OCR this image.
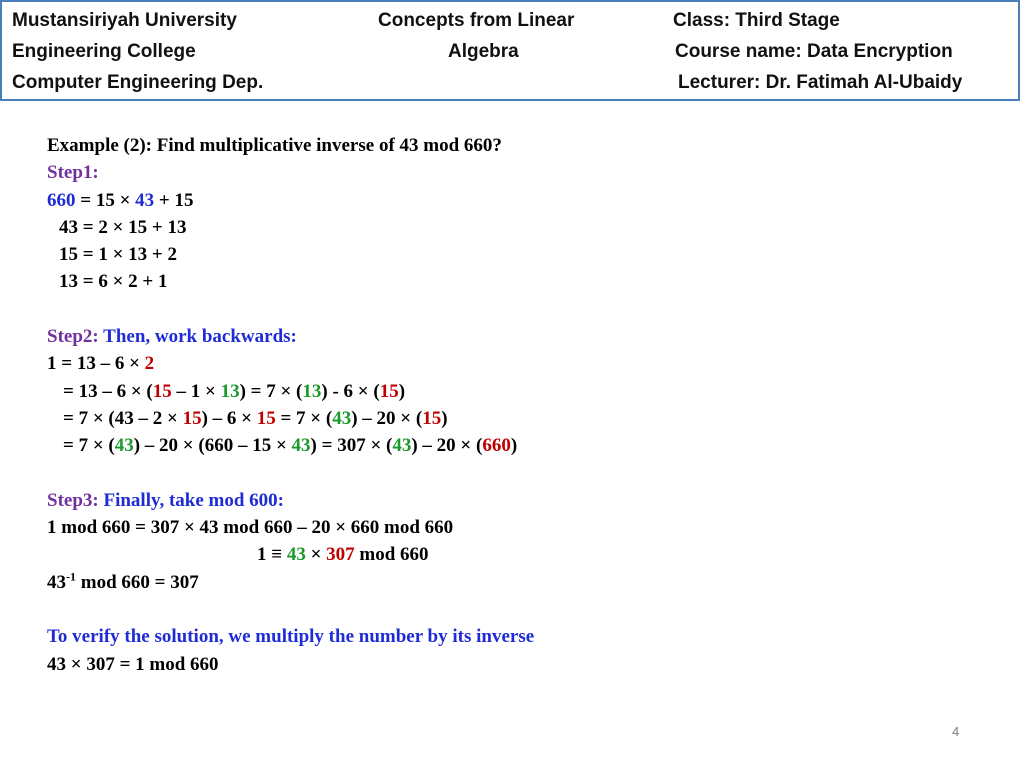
Mustansiriyah University
Engineering College
Computer Engineering Dep.
Concepts from Linear
Algebra
Class: Third Stage
Course name: Data Encryption
Lecturer: Dr. Fatimah Al-Ubaidy
Example (2): Find multiplicative inverse of 43 mod 660?
Step1:
660 = 15 × 43 + 15
43 = 2 × 15 + 13
15 = 1 × 13 + 2
13 = 6 × 2 + 1
Step2: Then, work backwards:
1 = 13 – 6 × 2
= 13 – 6 × (15 – 1 × 13) = 7 × (13) - 6 × (15)
= 7 × (43 – 2 × 15) – 6 × 15 = 7 × (43) – 20 × (15)
= 7 × (43) – 20 × (660 – 15 × 43) = 307 × (43) – 20 × (660)
Step3: Finally, take mod 600:
1 mod 660 = 307 × 43 mod 660 – 20 × 660 mod 660
1 ≡ 43 × 307 mod 660
$43^{-1}$ mod 660 = 307
To verify the solution, we multiply the number by its inverse
43 × 307 = 1 mod 660
4
